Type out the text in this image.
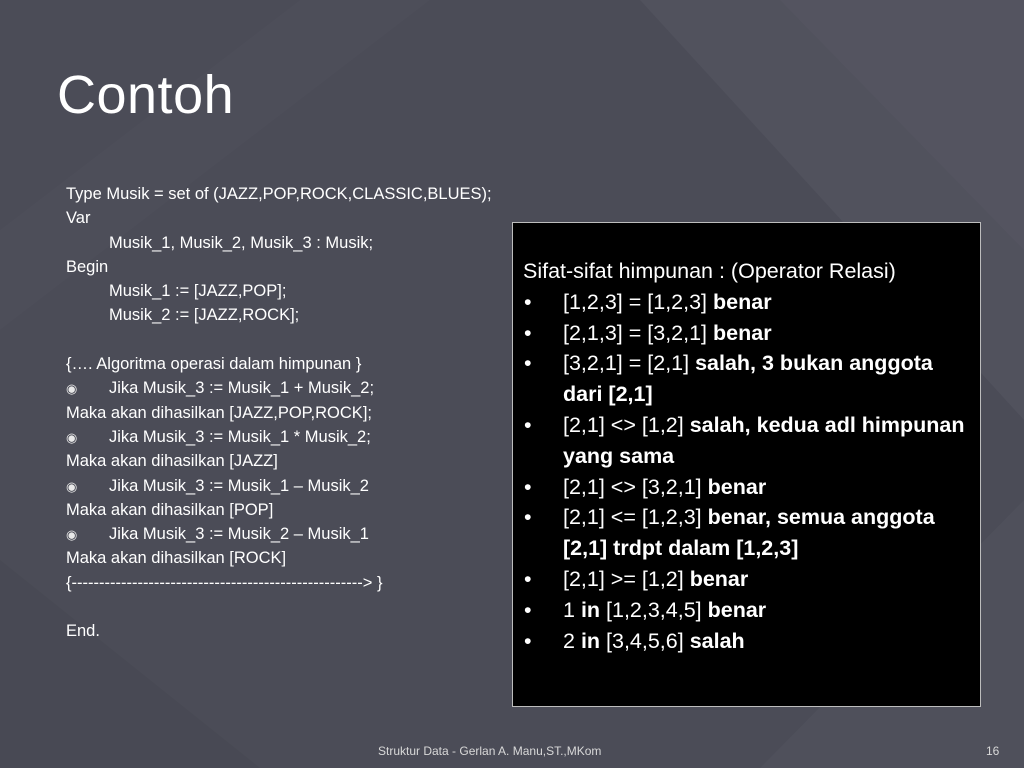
Contoh
Type Musik = set of (JAZZ,POP,ROCK,CLASSIC,BLUES);
Var
Musik_1, Musik_2, Musik_3 : Musik;
Begin
Musik_1 := [JAZZ,POP];
Musik_2 := [JAZZ,ROCK];
{…. Algoritma operasi dalam himpunan }
◉ Jika Musik_3 := Musik_1 + Musik_2;
Maka akan dihasilkan [JAZZ,POP,ROCK];
◉ Jika Musik_3 := Musik_1 * Musik_2;
Maka akan dihasilkan [JAZZ]
◉ Jika Musik_3 := Musik_1 – Musik_2
Maka akan dihasilkan [POP]
◉ Jika Musik_3 := Musik_2 – Musik_1
Maka akan dihasilkan [ROCK]
{-----------------------------------------------------> }
End.
Sifat-sifat himpunan : (Operator Relasi)
• [1,2,3] = [1,2,3] benar
• [2,1,3] = [3,2,1] benar
• [3,2,1] = [2,1] salah, 3 bukan anggota dari [2,1]
• [2,1] <> [1,2] salah, kedua adl himpunan yang sama
• [2,1] <> [3,2,1] benar
• [2,1] <= [1,2,3] benar, semua anggota [2,1] trdpt dalam [1,2,3]
• [2,1] >= [1,2] benar
• 1 in [1,2,3,4,5] benar
• 2 in [3,4,5,6] salah
Struktur Data - Gerlan A. Manu,ST.,MKom	16
